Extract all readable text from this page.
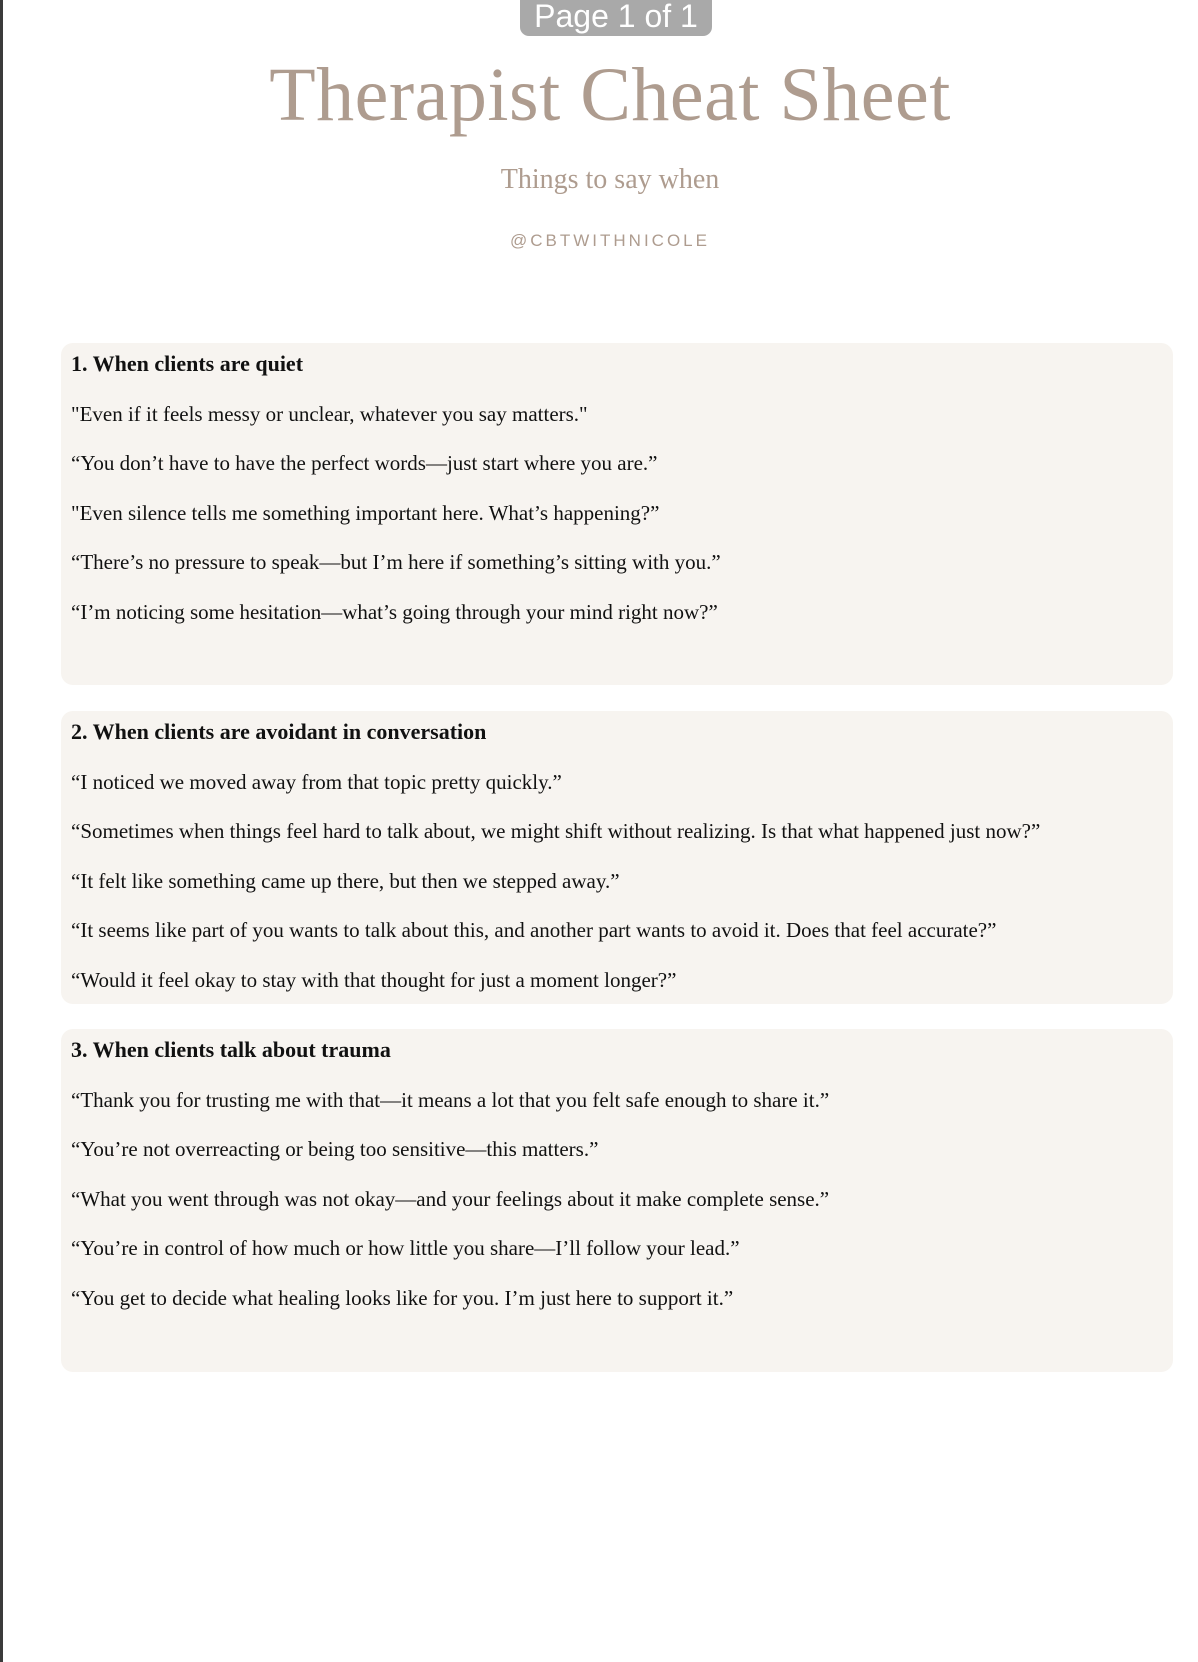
Page 1 of 1
Therapist Cheat Sheet
Things to say when
@CBTWITHNICOLE
1. When clients are quiet

"Even if it feels messy or unclear, whatever you say matters."

“You don’t have to have the perfect words—just start where you are.”

"Even silence tells me something important here. What’s happening?”

“There’s no pressure to speak—but I’m here if something’s sitting with you.”

“I’m noticing some hesitation—what’s going through your mind right now?”

2. When clients are avoidant in conversation

“I noticed we moved away from that topic pretty quickly.”

“Sometimes when things feel hard to talk about, we might shift without realizing. Is that what happened just now?”

“It felt like something came up there, but then we stepped away.”

“It seems like part of you wants to talk about this, and another part wants to avoid it. Does that feel accurate?”

“Would it feel okay to stay with that thought for just a moment longer?”

3. When clients talk about trauma

“Thank you for trusting me with that—it means a lot that you felt safe enough to share it.”

“You’re not overreacting or being too sensitive—this matters.”

“What you went through was not okay—and your feelings about it make complete sense.”

“You’re in control of how much or how little you share—I’ll follow your lead.”

“You get to decide what healing looks like for you. I’m just here to support it.”
